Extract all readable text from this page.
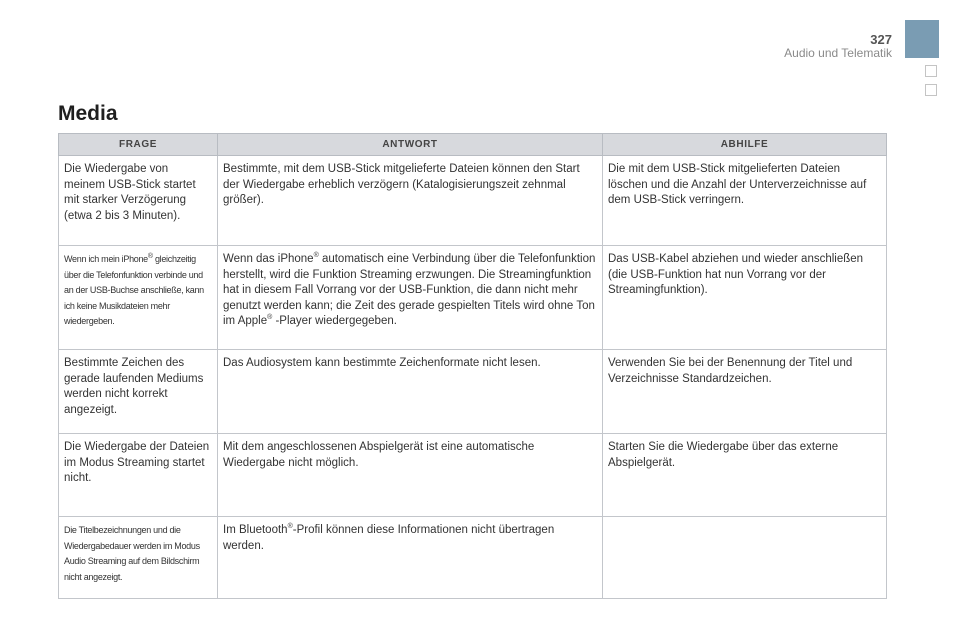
327
Audio und Telematik
Media
FRAGE	ANTWORT	ABHILFE
Die Wiedergabe von meinem USB-Stick startet mit starker Verzögerung (etwa 2 bis 3 Minuten).	Bestimmte, mit dem USB-Stick mitgelieferte Dateien können den Start der Wiedergabe erheblich verzögern (Katalogisierungszeit zehnmal größer).	Die mit dem USB-Stick mitgelieferten Dateien löschen und die Anzahl der Unterverzeichnisse auf dem USB-Stick verringern.
Wenn ich mein iPhone® gleichzeitig über die Telefonfunktion verbinde und an der USB-Buchse anschließe, kann ich keine Musikdateien mehr wiedergeben.	Wenn das iPhone® automatisch eine Verbindung über die Telefonfunktion herstellt, wird die Funktion Streaming erzwungen. Die Streamingfunktion hat in diesem Fall Vorrang vor der USB-Funktion, die dann nicht mehr genutzt werden kann; die Zeit des gerade gespielten Titels wird ohne Ton im Apple® -Player wiedergegeben.	Das USB-Kabel abziehen und wieder anschließen (die USB-Funktion hat nun Vorrang vor der Streamingfunktion).
Bestimmte Zeichen des gerade laufenden Mediums werden nicht korrekt angezeigt.	Das Audiosystem kann bestimmte Zeichenformate nicht lesen.	Verwenden Sie bei der Benennung der Titel und Verzeichnisse Standardzeichen.
Die Wiedergabe der Dateien im Modus Streaming startet nicht.	Mit dem angeschlossenen Abspielgerät ist eine automatische Wiedergabe nicht möglich.	Starten Sie die Wiedergabe über das externe Abspielgerät.
Die Titelbezeichnungen und die Wiedergabedauer werden im Modus Audio Streaming auf dem Bildschirm nicht angezeigt.	Im Bluetooth®-Profil können diese Informationen nicht übertragen werden.	
